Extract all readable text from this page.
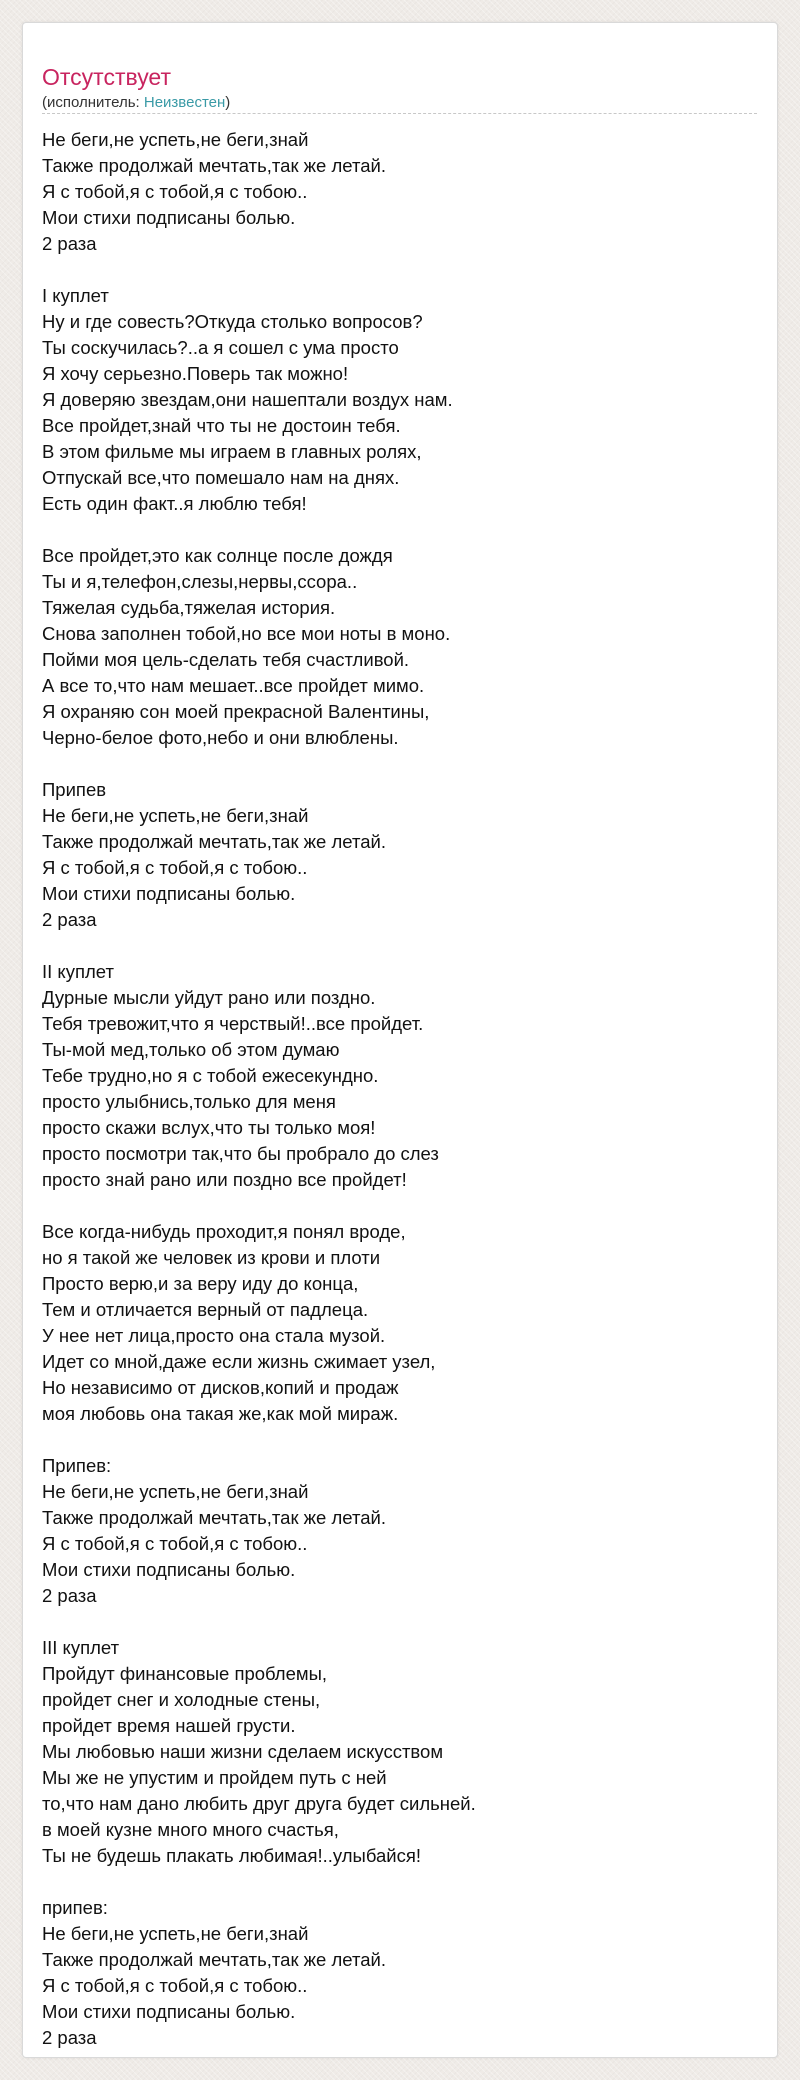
Отсутствует
(исполнитель: Неизвестен)
Не беги,не успеть,не беги,знай
Также продолжай мечтать,так же летай.
Я с тобой,я с тобой,я с тобою..
Мои стихи подписаны болью.
2 раза
I куплет
Ну и где совесть?Откуда столько вопросов?
Ты соскучилась?..а я сошел с ума просто
Я хочу серьезно.Поверь так можно!
Я доверяю звездам,они нашептали воздух нам.
Все пройдет,знай что ты не достоин тебя.
В этом фильме мы играем в главных ролях,
Отпускай все,что помешало нам на днях.
Есть один факт..я люблю тебя!
Все пройдет,это как солнце после дождя
Ты и я,телефон,слезы,нервы,ссора..
Тяжелая судьба,тяжелая история.
Снова заполнен тобой,но все мои ноты в моно.
Пойми моя цель-сделать тебя счастливой.
А все то,что нам мешает..все пройдет мимо.
Я охраняю сон моей прекрасной Валентины,
Черно-белое фото,небо и они влюблены.
Припев
Не беги,не успеть,не беги,знай
Также продолжай мечтать,так же летай.
Я с тобой,я с тобой,я с тобою..
Мои стихи подписаны болью.
2 раза
II куплет
Дурные мысли уйдут рано или поздно.
Тебя тревожит,что я черствый!..все пройдет.
Ты-мой мед,только об этом думаю
Тебе трудно,но я с тобой ежесекундно.
просто улыбнись,только для меня
просто скажи вслух,что ты только моя!
просто посмотри так,что бы пробрало до слез
просто знай рано или поздно все пройдет!
Все когда-нибудь проходит,я понял вроде,
но я такой же человек из крови и плоти
Просто верю,и за веру иду до конца,
Тем и отличается верный от падлеца.
У нее нет лица,просто она стала музой.
Идет со мной,даже если жизнь сжимает узел,
Но независимо от дисков,копий и продаж
моя любовь она такая же,как мой мираж.
Припев:
Не беги,не успеть,не беги,знай
Также продолжай мечтать,так же летай.
Я с тобой,я с тобой,я с тобою..
Мои стихи подписаны болью.
2 раза
III куплет
Пройдут финансовые проблемы,
пройдет снег и холодные стены,
пройдет время нашей грусти.
Мы любовью наши жизни сделаем искусством
Мы же не упустим и пройдем путь с ней
то,что нам дано любить друг друга будет сильней.
в моей кузне много много счастья,
Ты не будешь плакать любимая!..улыбайся!
припев:
Не беги,не успеть,не беги,знай
Также продолжай мечтать,так же летай.
Я с тобой,я с тобой,я с тобою..
Мои стихи подписаны болью.
2 раза
